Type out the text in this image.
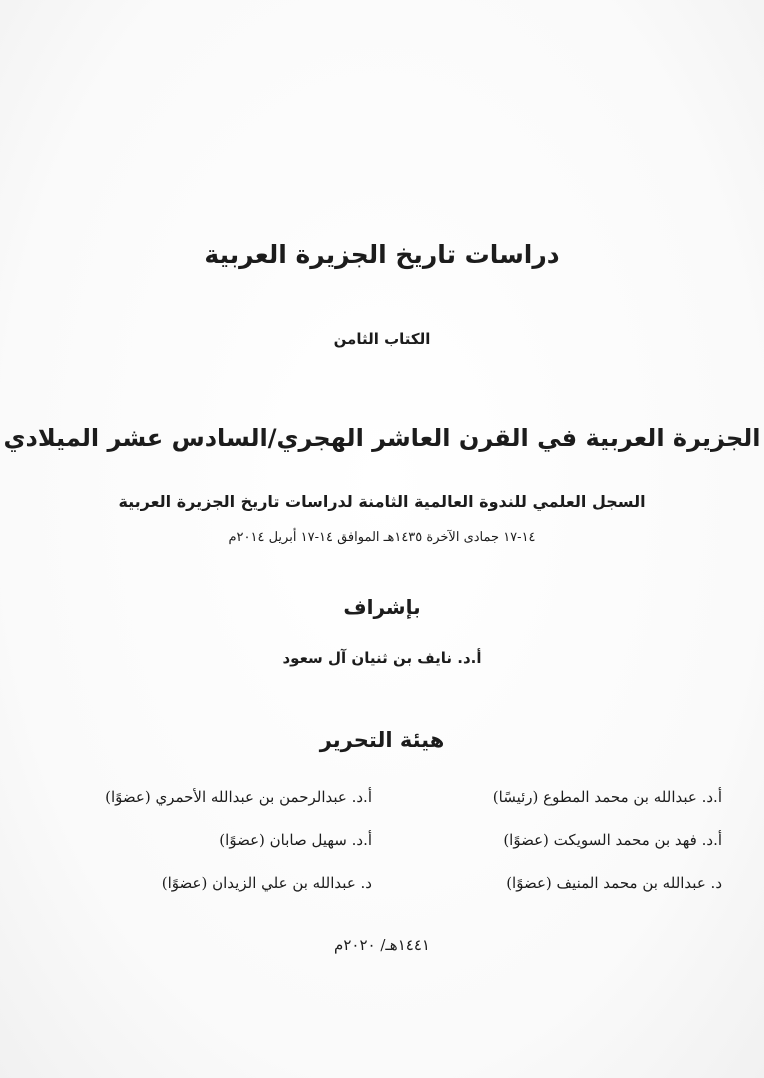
دراسات تاريخ الجزيرة العربية
الكتاب الثامن
الجزيرة العربية في القرن العاشر الهجري/السادس عشر الميلادي
السجل العلمي للندوة العالمية الثامنة لدراسات تاريخ الجزيرة العربية
١٤-١٧ جمادى الآخرة ١٤٣٥هـ الموافق ١٤-١٧ أبريل ٢٠١٤م
بإشراف
أ.د. نايف بن ثنيان آل سعود
هيئة التحرير
أ.د. عبدالله بن محمد المطوع (رئيسًا)
أ.د. فهد بن محمد السويكت (عضوًا)
د. عبدالله بن محمد المنيف (عضوًا)
أ.د. عبدالرحمن بن عبدالله الأحمري (عضوًا)
أ.د. سهيل صابان (عضوًا)
د. عبدالله بن علي الزيدان (عضوًا)
١٤٤١هـ/ ٢٠٢٠م
